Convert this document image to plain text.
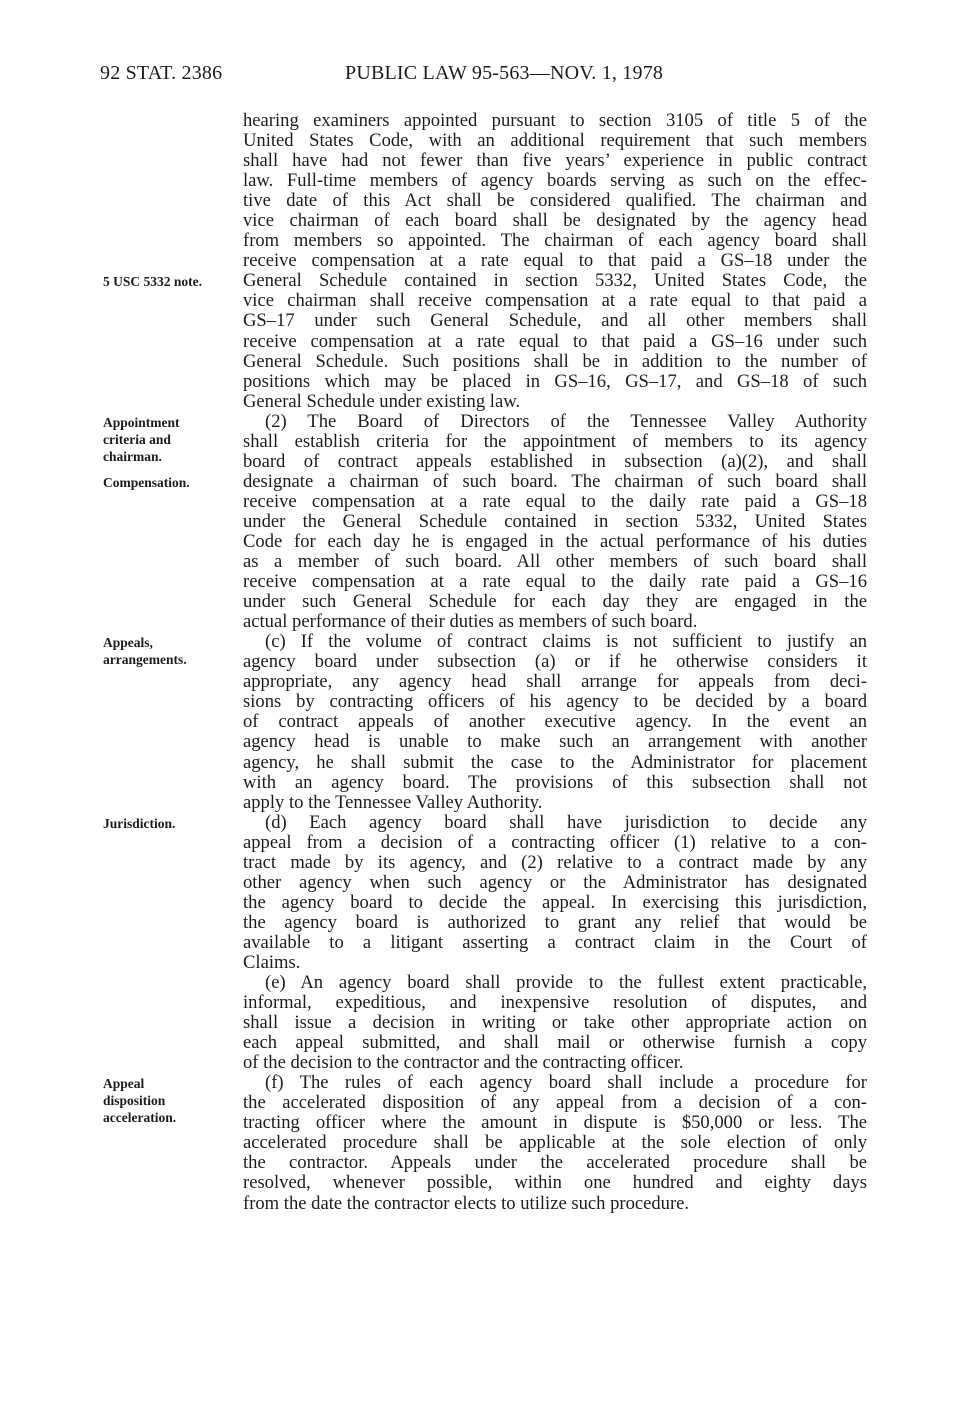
92 STAT. 2386	PUBLIC LAW 95-563—NOV. 1, 1978
5 USC 5332 note.
Appointment
criteria and
chairman.
Compensation.
Appeals,
arrangements.
Jurisdiction.
Appeal
disposition
acceleration.
hearing examiners appointed pursuant to section 3105 of title 5 of the
United States Code, with an additional requirement that such members
shall have had not fewer than five years’ experience in public contract
law. Full-time members of agency boards serving as such on the effec-
tive date of this Act shall be considered qualified. The chairman and
vice chairman of each board shall be designated by the agency head
from members so appointed. The chairman of each agency board shall
receive compensation at a rate equal to that paid a GS–18 under the
General Schedule contained in section 5332, United States Code, the
vice chairman shall receive compensation at a rate equal to that paid a
GS–17 under such General Schedule, and all other members shall
receive compensation at a rate equal to that paid a GS–16 under such
General Schedule. Such positions shall be in addition to the number of
positions which may be placed in GS–16, GS–17, and GS–18 of such
General Schedule under existing law.
(2) The Board of Directors of the Tennessee Valley Authority
shall establish criteria for the appointment of members to its agency
board of contract appeals established in subsection (a)(2), and shall
designate a chairman of such board. The chairman of such board shall
receive compensation at a rate equal to the daily rate paid a GS–18
under the General Schedule contained in section 5332, United States
Code for each day he is engaged in the actual performance of his duties
as a member of such board. All other members of such board shall
receive compensation at a rate equal to the daily rate paid a GS–16
under such General Schedule for each day they are engaged in the
actual performance of their duties as members of such board.
(c) If the volume of contract claims is not sufficient to justify an
agency board under subsection (a) or if he otherwise considers it
appropriate, any agency head shall arrange for appeals from deci-
sions by contracting officers of his agency to be decided by a board
of contract appeals of another executive agency. In the event an
agency head is unable to make such an arrangement with another
agency, he shall submit the case to the Administrator for placement
with an agency board. The provisions of this subsection shall not
apply to the Tennessee Valley Authority.
(d) Each agency board shall have jurisdiction to decide any
appeal from a decision of a contracting officer (1) relative to a con-
tract made by its agency, and (2) relative to a contract made by any
other agency when such agency or the Administrator has designated
the agency board to decide the appeal. In exercising this jurisdiction,
the agency board is authorized to grant any relief that would be
available to a litigant asserting a contract claim in the Court of
Claims.
(e) An agency board shall provide to the fullest extent practicable,
informal, expeditious, and inexpensive resolution of disputes, and
shall issue a decision in writing or take other appropriate action on
each appeal submitted, and shall mail or otherwise furnish a copy
of the decision to the contractor and the contracting officer.
(f) The rules of each agency board shall include a procedure for
the accelerated disposition of any appeal from a decision of a con-
tracting officer where the amount in dispute is $50,000 or less. The
accelerated procedure shall be applicable at the sole election of only
the contractor. Appeals under the accelerated procedure shall be
resolved, whenever possible, within one hundred and eighty days
from the date the contractor elects to utilize such procedure.
